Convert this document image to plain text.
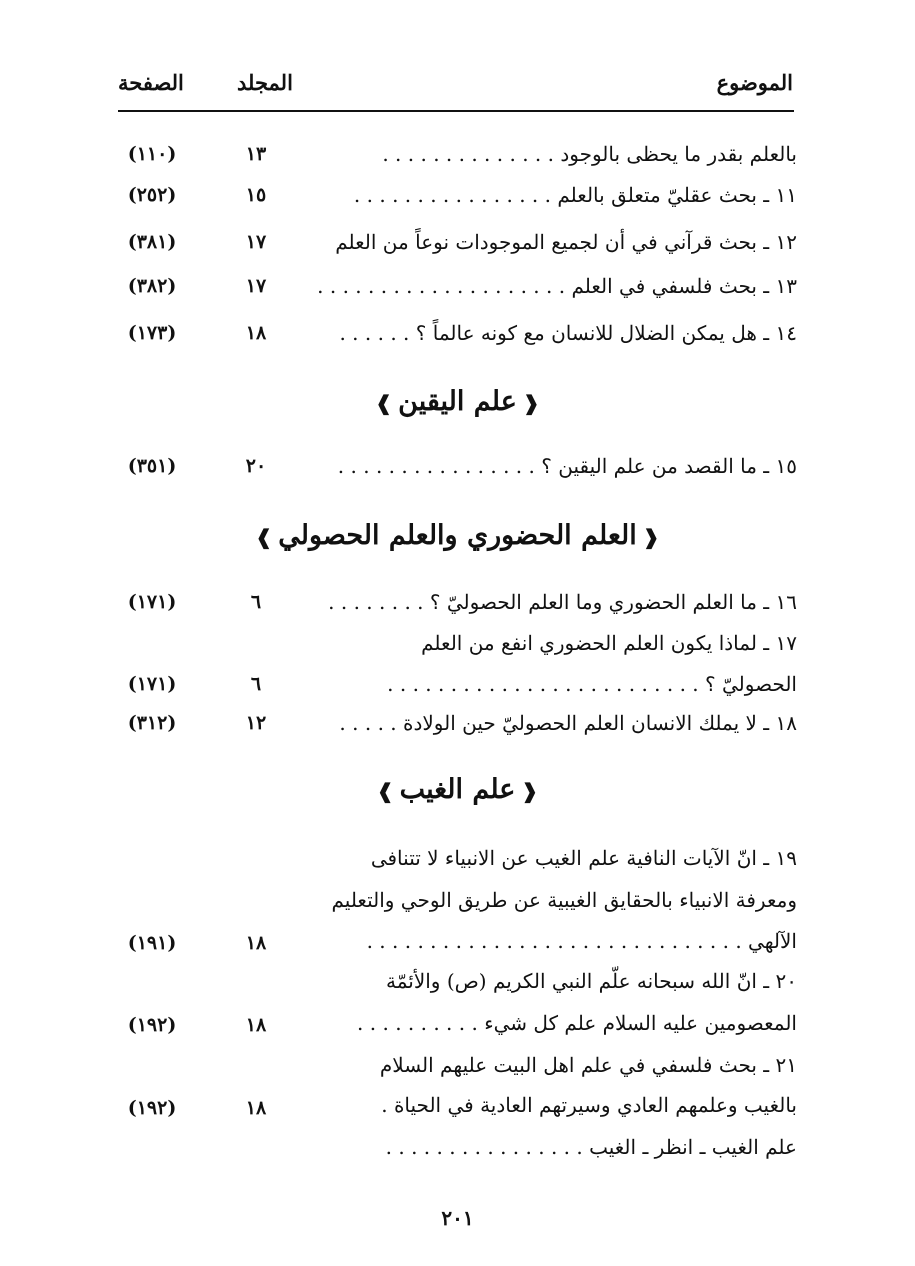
الموضوع
المجلد
الصفحة
بالعلم بقدر ما يحظى بالوجود . . . . . . . . . . . . . .
١٣
(١١٠)
١١ ـ بحث عقليّ متعلق بالعلم . . . . . . . . . . . . . . . .
١٥
(٢٥٢)
١٢ ـ بحث قرآني في أن لجميع الموجودات نوعاً من العلم
١٧
(٣٨١)
١٣ ـ بحث فلسفي في العلم . . . . . . . . . . . . . . . . . . . .
١٧
(٣٨٢)
١٤ ـ هل يمكن الضلال للانسان مع كونه عالماً ؟ . . . . . .
١٨
(١٧٣)
❰ علم اليقين ❱
١٥ ـ ما القصد من علم اليقين ؟ . . . . . . . . . . . . . . . .
٢٠
(٣٥١)
❰ العلم الحضوري والعلم الحصولي ❱
١٦ ـ ما العلم الحضوري وما العلم الحصوليّ ؟ . . . . . . . .
٦
(١٧١)
١٧ ـ لماذا يكون العلم الحضوري انفع من العلم
الحصوليّ ؟ . . . . . . . . . . . . . . . . . . . . . . . . .
٦
(١٧١)
١٨ ـ لا يملك الانسان العلم الحصوليّ حين الولادة . . . . .
١٢
(٣١٢)
❰ علم الغيب ❱
١٩ ـ انّ الآيات النافية علم الغيب عن الانبياء لا تتنافى
ومعرفة الانبياء بالحقايق الغيبية عن طريق الوحي والتعليم
الآلهي . . . . . . . . . . . . . . . . . . . . . . . . . . . . . .
١٨
(١٩١)
٢٠ ـ انّ الله سبحانه علّم النبي الكريم (ص) والأئمّة
المعصومين عليه السلام علم كل شيء . . . . . . . . . .
١٨
(١٩٢)
٢١ ـ بحث فلسفي في علم اهل البيت عليهم السلام
بالغيب وعلمهم العادي وسيرتهم العادية في الحياة .
١٨
(١٩٢)
علم الغيب ـ انظر ـ الغيب . . . . . . . . . . . . . . . .
٢٠١
